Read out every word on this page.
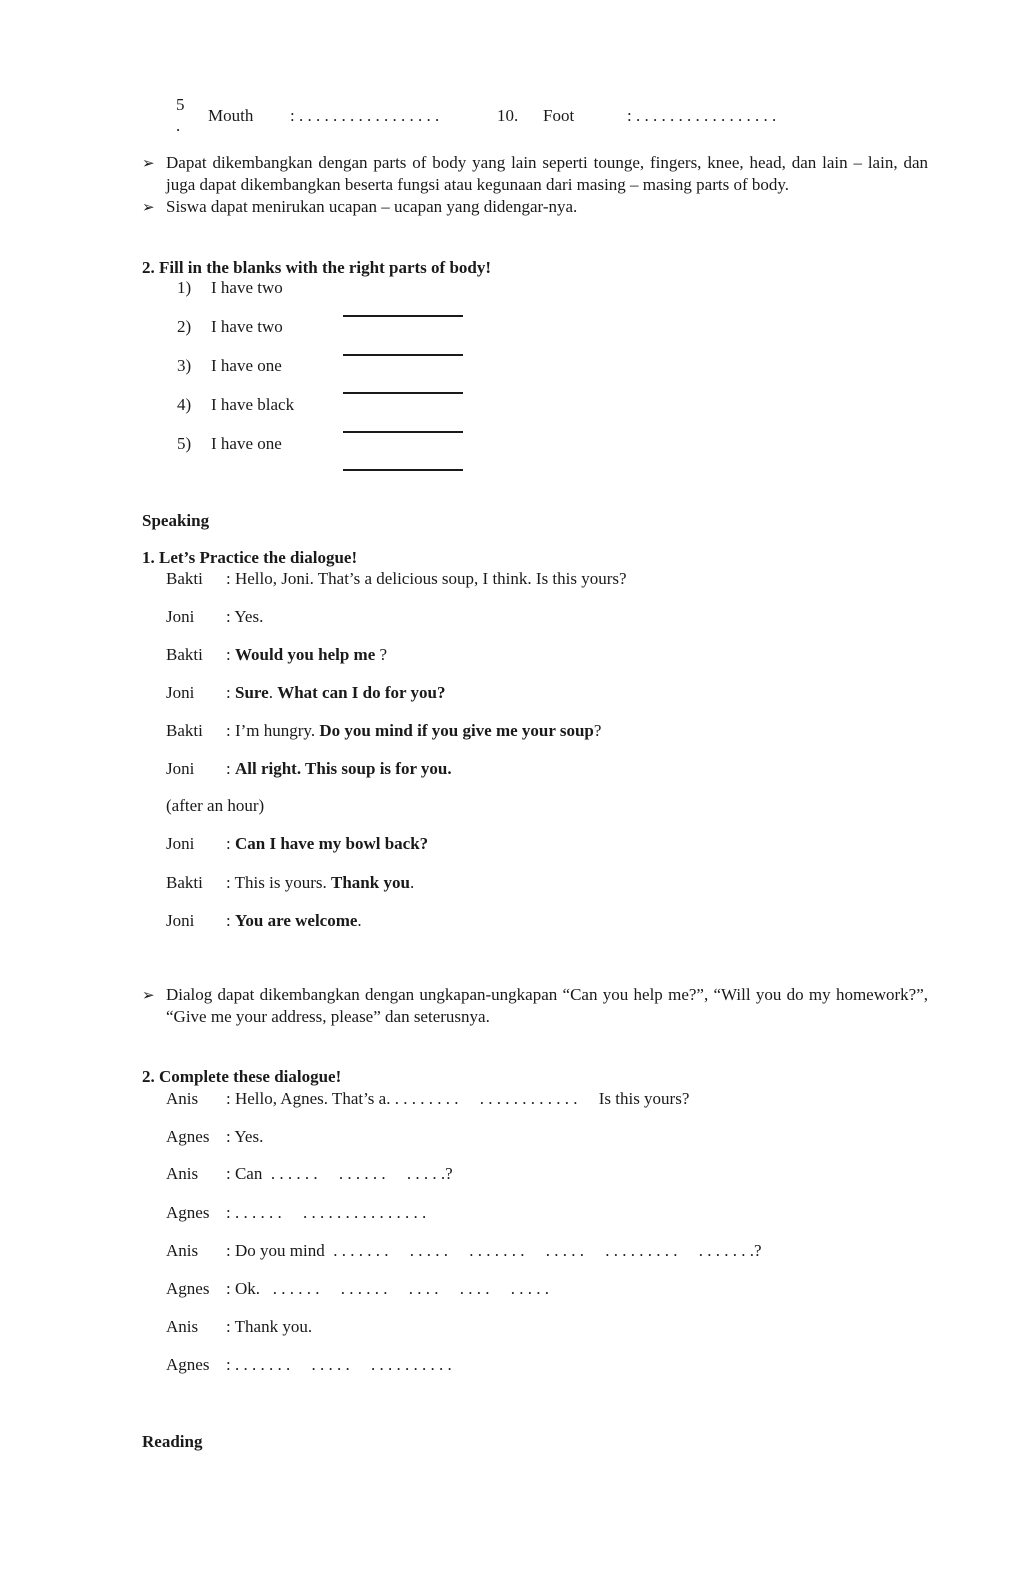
5
.
Mouth : . . . . . . . . . . . . . . . . .	10. Foot	: . . . . . . . . . . . . . . . . .
➢ Dapat dikembangkan dengan parts of body yang lain seperti tounge, fingers, knee, head, dan lain – lain, dan juga dapat dikembangkan beserta fungsi atau kegunaan dari masing – masing parts of body.
➢ Siswa dapat menirukan ucapan – ucapan yang didengar-nya.
2. Fill in the blanks with the right parts of body!
1) I have two
2) I have two
3) I have one
4) I have black
5) I have one
Speaking
1. Let’s Practice the dialogue!
Bakti : Hello, Joni. That’s a delicious soup, I think. Is this yours?
Joni : Yes.
Bakti : Would you help me ?
Joni : Sure. What can I do for you?
Bakti : I’m hungry. Do you mind if you give me your soup?
Joni : All right. This soup is for you.
(after an hour)
Joni : Can I have my bowl back?
Bakti : This is yours. Thank you.
Joni : You are welcome.
➢ Dialog dapat dikembangkan dengan ungkapan-ungkapan “Can you help me?”, “Will you do my homework?”, “Give me your address, please” dan seterusnya.
2. Complete these dialogue!
Anis : Hello, Agnes. That’s a. . . . . . . . .     . . . . . . . . . . . .     Is this yours?
Agnes : Yes.
Anis : Can  . . . . . .     . . . . . .     . . . . .?
Agnes : . . . . . .     . . . . . . . . . . . . . . .
Anis : Do you mind  . . . . . . .     . . . . .     . . . . . . .     . . . . .     . . . . . . . . .     . . . . . . .?
Agnes : Ok.   . . . . . .     . . . . . .     . . . .     . . . .     . . . . .
Anis : Thank you.
Agnes : . . . . . . .     . . . . .     . . . . . . . . . .
Reading
